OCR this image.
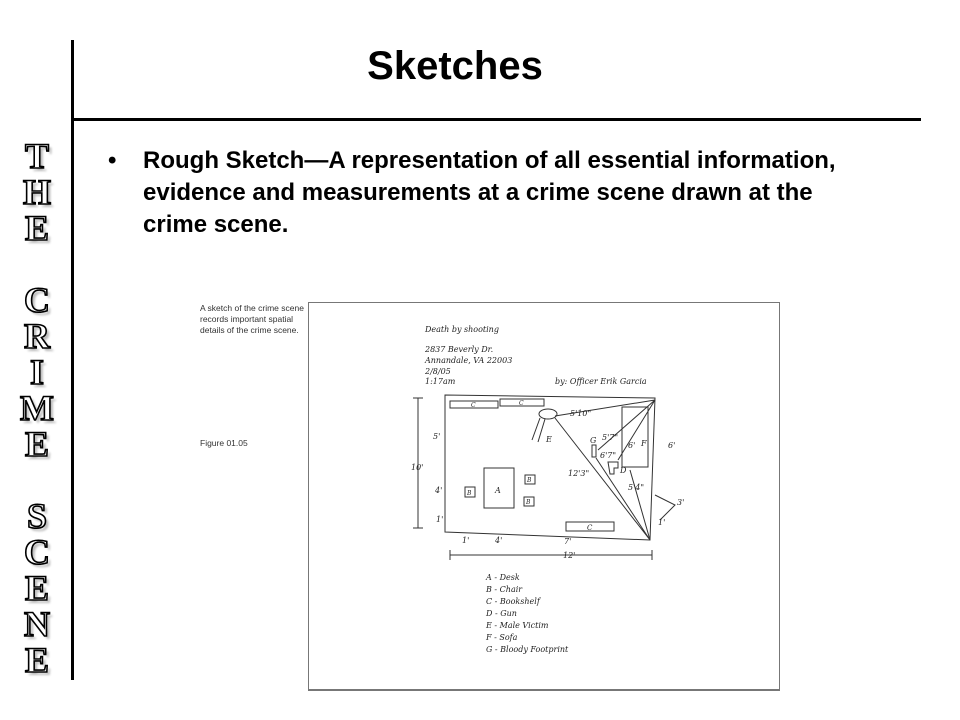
Sketches
• Rough Sketch—A representation of all essential information, evidence and measurements at a crime scene drawn at the crime scene.
T
H
E
C
R
I
M
E
S
C
E
N
E
A sketch of the crime scene records important spatial details of the crime scene.
Figure 01.05
Death by shooting
2837 Beverly Dr.
Annandale, VA 22003
2/8/05
1:17am	by: Officer Erik Garcia
5'
10'
4'
1'
1'	4'	7'
12'
6'
3'
1'
5'10"
5'7"
6'7"
12'3"
5'4"
6'
A
B
B
B
C	C
C
E	F
G
D
A - Desk
B - Chair
C - Bookshelf
D - Gun
E - Male Victim
F - Sofa
G - Bloody Footprint
